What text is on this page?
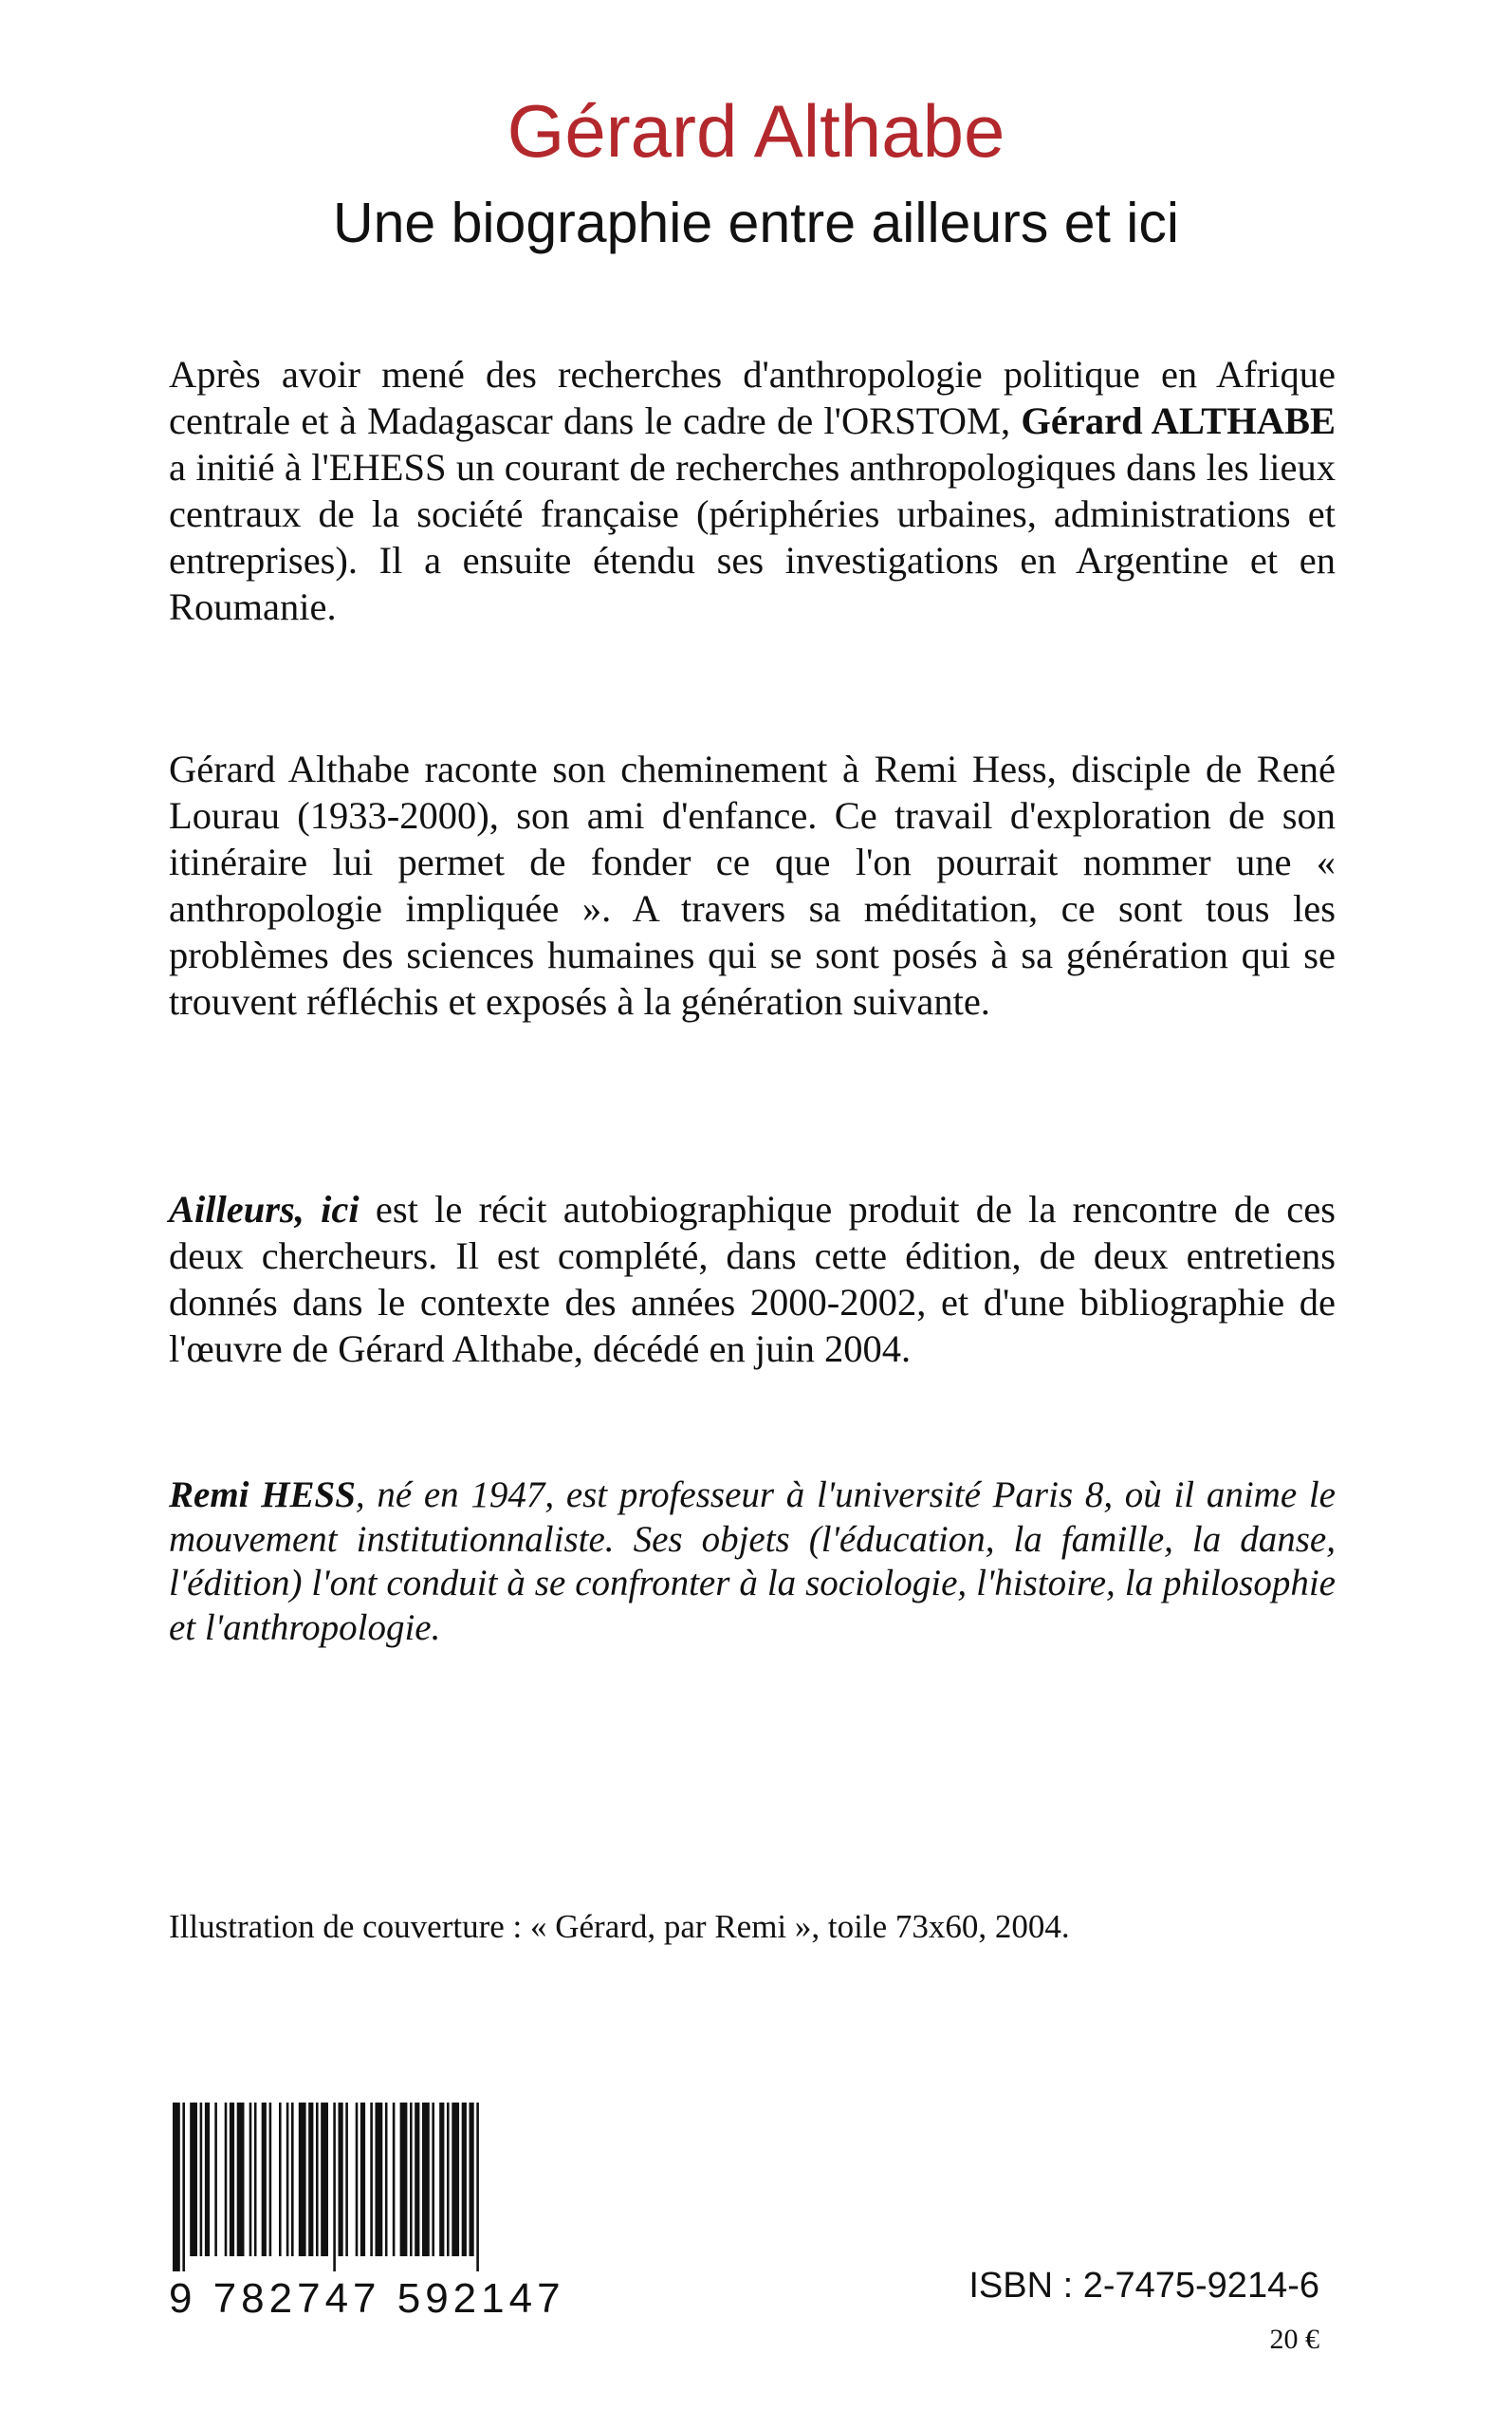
Gérard Althabe
Une biographie entre ailleurs et ici
Après avoir mené des recherches d'anthropologie politique en Afrique centrale et à Madagascar dans le cadre de l'ORSTOM, Gérard ALTHABE a initié à l'EHESS un courant de recherches anthropologiques dans les lieux centraux de la société française (périphéries urbaines, administrations et entreprises). Il a ensuite étendu ses investigations en Argentine et en Roumanie.
Gérard Althabe raconte son cheminement à Remi Hess, disciple de René Lourau (1933-2000), son ami d'enfance. Ce travail d'exploration de son itinéraire lui permet de fonder ce que l'on pourrait nommer une « anthropologie impliquée ». A travers sa méditation, ce sont tous les problèmes des sciences humaines qui se sont posés à sa génération qui se trouvent réfléchis et exposés à la génération suivante.
Ailleurs, ici est le récit autobiographique produit de la rencontre de ces deux chercheurs. Il est complété, dans cette édition, de deux entretiens donnés dans le contexte des années 2000-2002, et d'une bibliographie de l'œuvre de Gérard Althabe, décédé en juin 2004.
Remi HESS, né en 1947, est professeur à l'université Paris 8, où il anime le mouvement institutionnaliste. Ses objets (l'éducation, la famille, la danse, l'édition) l'ont conduit à se confronter à la sociologie, l'histoire, la philosophie et l'anthropologie.
Illustration de couverture : « Gérard, par Remi », toile 73x60, 2004.
9 782747 592147	ISBN : 2-7475-9214-6
20 €
